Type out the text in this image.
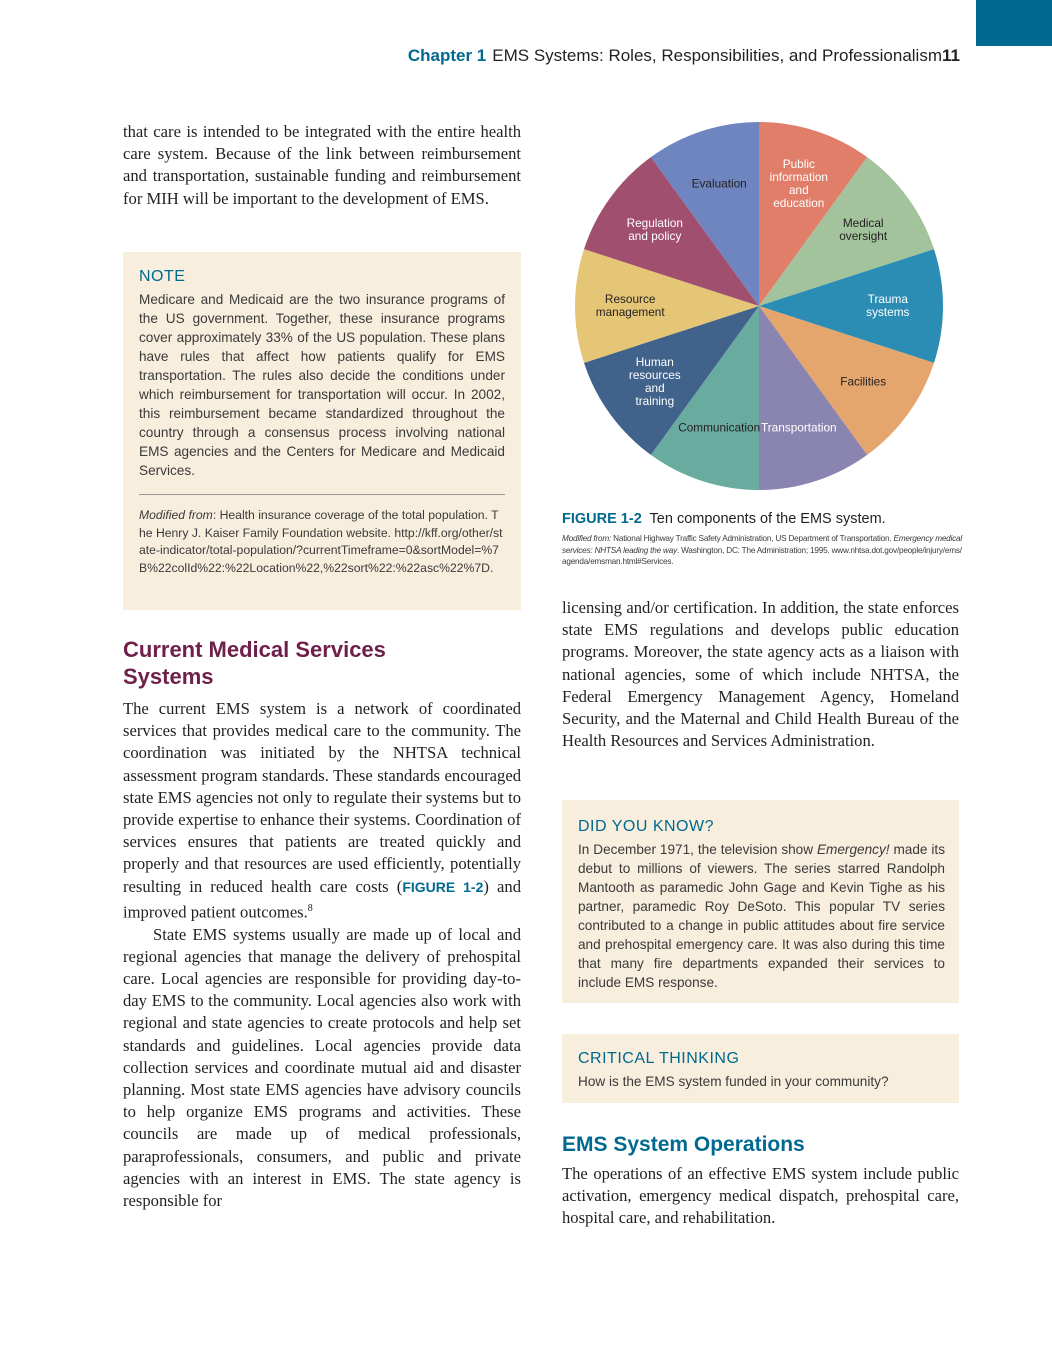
Chapter 1 EMS Systems: Roles, Responsibilities, and Professionalism 11

that care is intended to be integrated with the entire health care system. Because of the link between reimbursement and transportation, sustainable funding and reimbursement for MIH will be important to the development of EMS.

NOTE

Medicare and Medicaid are the two insurance programs of the US government. Together, these insurance programs cover approximately 33% of the US population. These plans have rules that affect how patients qualify for EMS transportation. The rules also decide the conditions under which reimbursement for transportation will occur. In 2002, this reimbursement became standardized throughout the country through a consensus process involving national EMS agencies and the Centers for Medicare and Medicaid Services.

Modified from: Health insurance coverage of the total population. The Henry J. Kaiser Family Foundation website. http://kff.org/other/state-indicator/total-population/?currentTimeframe=0&sortModel=%7B%22colId%22:%22Location%22,%22sort%22:%22asc%22%7D.

Current Medical Services Systems

The current EMS system is a network of coordinated services that provides medical care to the community. The coordination was initiated by the NHTSA technical assessment program standards. These standards encouraged state EMS agencies not only to regulate their systems but to provide expertise to enhance their systems. Coordination of services ensures that patients are treated quickly and properly and that resources are used efficiently, potentially resulting in reduced health care costs (FIGURE 1-2) and improved patient outcomes.$^8$

State EMS systems usually are made up of local and regional agencies that manage the delivery of prehospital care. Local agencies are responsible for providing day-to-day EMS to the community. Local agencies also work with regional and state agencies to create protocols and help set standards and guidelines. Local agencies provide data collection services and coordinate mutual aid and disaster planning. Most state EMS agencies have advisory councils to help organize EMS programs and activities. These councils are made up of medical professionals, paraprofessionals, consumers, and public and private agencies with an interest in EMS. The state agency is responsible for

Public
information
and
education
Medical
oversight
Trauma
systems
Facilities
Transportation
Communication
Human
resources
and
training
Resource
management
Regulation
and policy
Evaluation

FIGURE 1-2 Ten components of the EMS system.

Modified from: National Highway Traffic Safety Administration, US Department of Transportation. Emergency medical services: NHTSA leading the way. Washington, DC: The Administration; 1995. www.nhtsa.dot.gov/people/injury/ems/agenda/emsman.html#Services.

licensing and/or certification. In addition, the state enforces state EMS regulations and develops public education programs. Moreover, the state agency acts as a liaison with national agencies, some of which include NHTSA, the Federal Emergency Management Agency, Homeland Security, and the Maternal and Child Health Bureau of the Health Resources and Services Administration.

DID YOU KNOW?

In December 1971, the television show Emergency! made its debut to millions of viewers. The series starred Randolph Mantooth as paramedic John Gage and Kevin Tighe as his partner, paramedic Roy DeSoto. This popular TV series contributed to a change in public attitudes about fire service and prehospital emergency care. It was also during this time that many fire departments expanded their services to include EMS response.

CRITICAL THINKING

How is the EMS system funded in your community?

EMS System Operations

The operations of an effective EMS system include public activation, emergency medical dispatch, prehospital care, hospital care, and rehabilitation.
